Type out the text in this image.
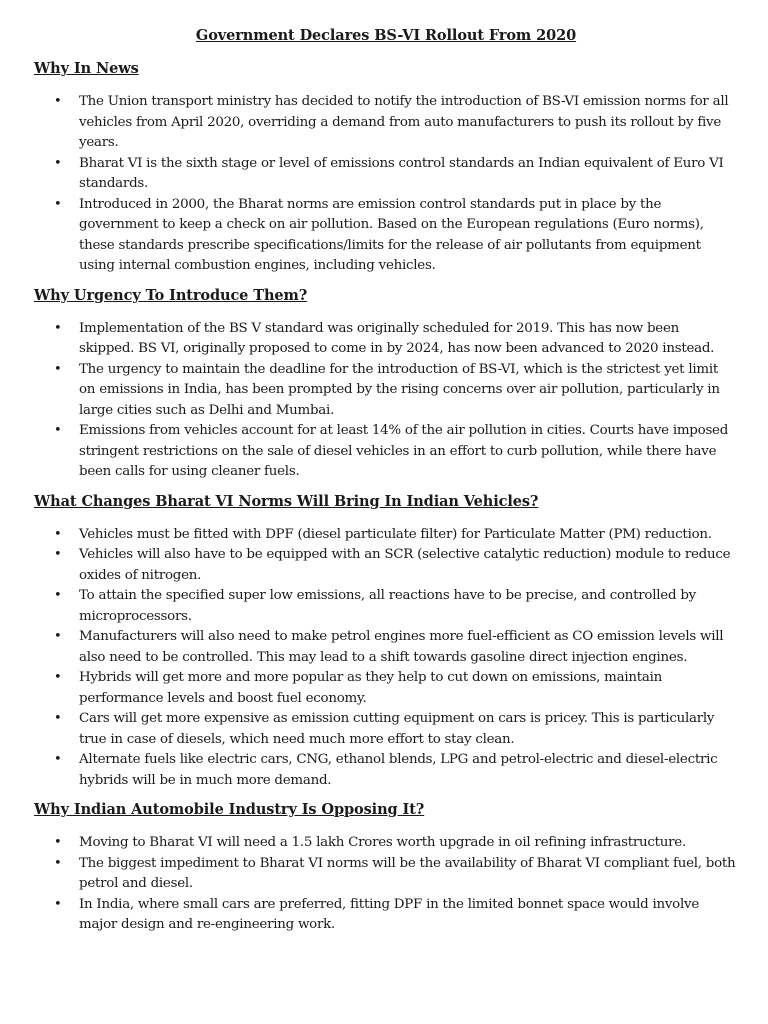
Government Declares BS-VI Rollout From 2020
Why In News
• The Union transport ministry has decided to notify the introduction of BS-VI emission norms for all vehicles from April 2020, overriding a demand from auto manufacturers to push its rollout by five years.
• Bharat VI is the sixth stage or level of emissions control standards an Indian equivalent of Euro VI standards.
• Introduced in 2000, the Bharat norms are emission control standards put in place by the government to keep a check on air pollution. Based on the European regulations (Euro norms), these standards prescribe specifications/limits for the release of air pollutants from equipment using internal combustion engines, including vehicles.
Why Urgency To Introduce Them?
• Implementation of the BS V standard was originally scheduled for 2019. This has now been skipped. BS VI, originally proposed to come in by 2024, has now been advanced to 2020 instead.
• The urgency to maintain the deadline for the introduction of BS-VI, which is the strictest yet limit on emissions in India, has been prompted by the rising concerns over air pollution, particularly in large cities such as Delhi and Mumbai.
• Emissions from vehicles account for at least 14% of the air pollution in cities. Courts have imposed stringent restrictions on the sale of diesel vehicles in an effort to curb pollution, while there have been calls for using cleaner fuels.
What Changes Bharat VI Norms Will Bring In Indian Vehicles?
• Vehicles must be fitted with DPF (diesel particulate filter) for Particulate Matter (PM) reduction.
• Vehicles will also have to be equipped with an SCR (selective catalytic reduction) module to reduce oxides of nitrogen.
• To attain the specified super low emissions, all reactions have to be precise, and controlled by microprocessors.
• Manufacturers will also need to make petrol engines more fuel-efficient as CO emission levels will also need to be controlled. This may lead to a shift towards gasoline direct injection engines.
• Hybrids will get more and more popular as they help to cut down on emissions, maintain performance levels and boost fuel economy.
• Cars will get more expensive as emission cutting equipment on cars is pricey. This is particularly true in case of diesels, which need much more effort to stay clean.
• Alternate fuels like electric cars, CNG, ethanol blends, LPG and petrol-electric and diesel-electric hybrids will be in much more demand.
Why Indian Automobile Industry Is Opposing It?
• Moving to Bharat VI will need a 1.5 lakh Crores worth upgrade in oil refining infrastructure.
• The biggest impediment to Bharat VI norms will be the availability of Bharat VI compliant fuel, both petrol and diesel.
• In India, where small cars are preferred, fitting DPF in the limited bonnet space would involve major design and re-engineering work.
